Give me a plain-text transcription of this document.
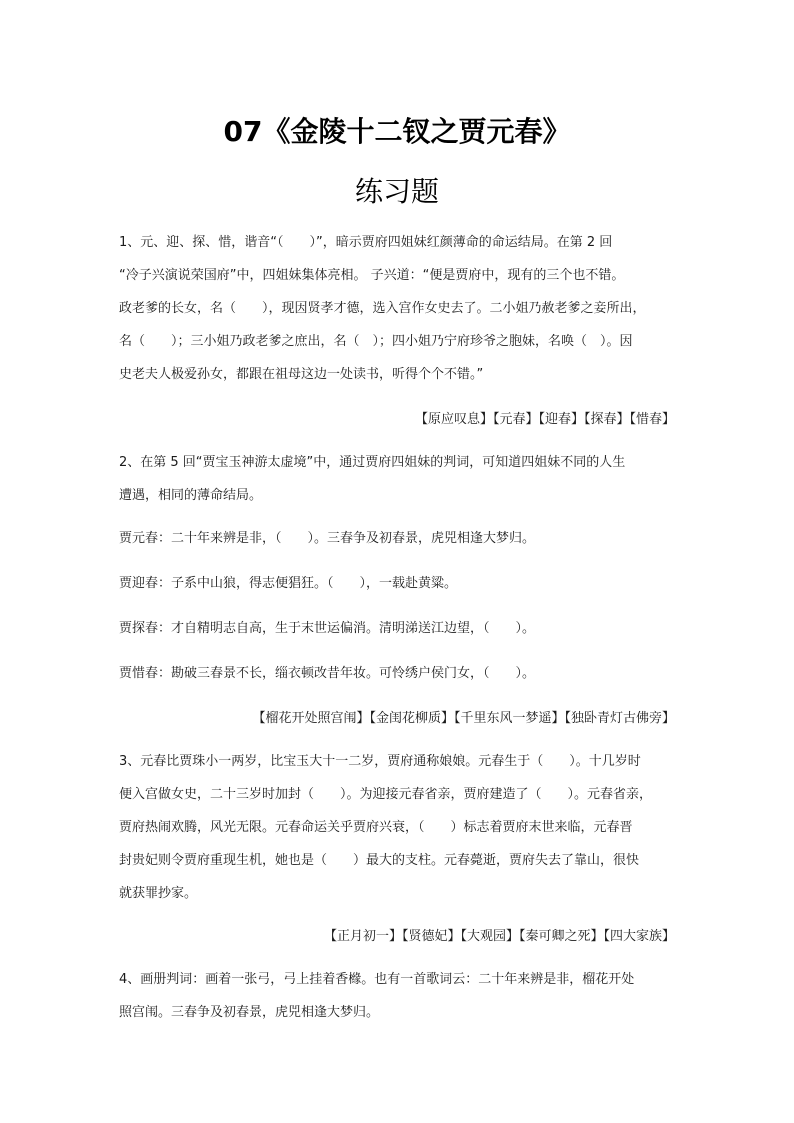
07《金陵十二钗之贾元春》
练习题
1、元、迎、探、惜，谐音“（　　）”，暗示贾府四姐妹红颜薄命的命运结局。在第 2 回
“冷子兴演说荣国府”中，四姐妹集体亮相。 子兴道：“便是贾府中，现有的三个也不错。
政老爹的长女，名（　　），现因贤孝才德，选入宫作女史去了。二小姐乃赦老爹之妾所出，
名（　　）；三小姐乃政老爹之庶出，名（　）；四小姐乃宁府珍爷之胞妹，名唤（　）。因
史老夫人极爱孙女，都跟在祖母这边一处读书，听得个个不错。”
【原应叹息】【元春】【迎春】【探春】【惜春】
2、在第 5 回“贾宝玉神游太虚境”中，通过贾府四姐妹的判词，可知道四姐妹不同的人生
遭遇，相同的薄命结局。
贾元春：二十年来辨是非，（　　）。三春争及初春景，虎兕相逢大梦归。
贾迎春：子系中山狼，得志便猖狂。（　　），一载赴黄粱。
贾探春：才自精明志自高，生于末世运偏消。清明涕送江边望，（　　）。
贾惜春：勘破三春景不长，缁衣顿改昔年妆。可怜绣户侯门女，（　　）。
【榴花开处照宫闱】【金闺花柳质】【千里东风一梦遥】【独卧青灯古佛旁】
3、元春比贾珠小一两岁，比宝玉大十一二岁，贾府通称娘娘。元春生于（　　）。十几岁时
便入宫做女史，二十三岁时加封（　　）。为迎接元春省亲，贾府建造了（　　）。元春省亲，
贾府热闹欢腾，风光无限。元春命运关乎贾府兴衰，（　　）标志着贾府末世来临，元春晋
封贵妃则令贾府重现生机，她也是（　　）最大的支柱。元春薨逝，贾府失去了靠山，很快
就获罪抄家。
【正月初一】【贤德妃】【大观园】【秦可卿之死】【四大家族】
4、画册判词：画着一张弓，弓上挂着香橼。也有一首歌词云：二十年来辨是非，榴花开处
照宫闱。三春争及初春景，虎兕相逢大梦归。
